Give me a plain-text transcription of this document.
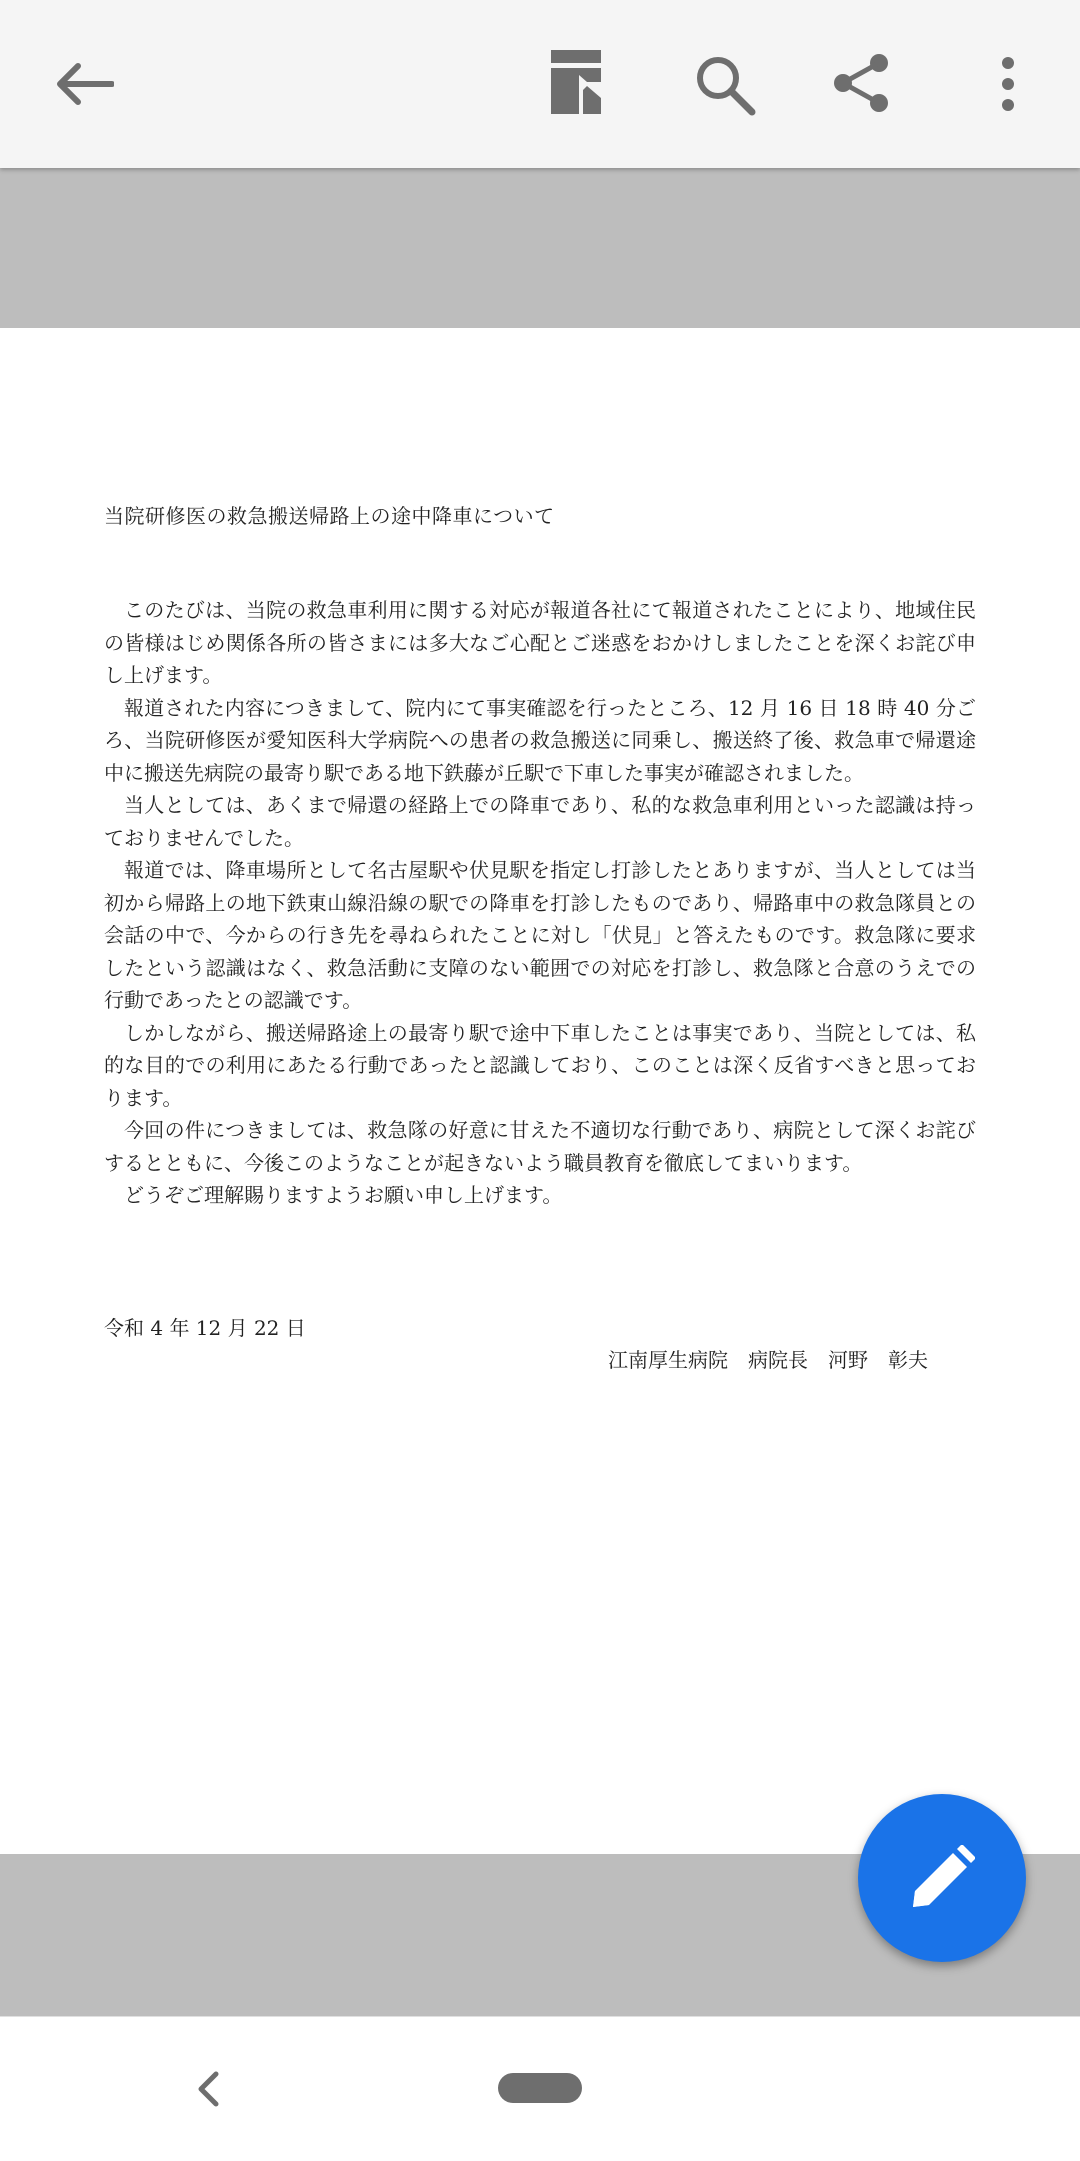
当院研修医の救急搬送帰路上の途中降車について

このたびは、当院の救急車利用に関する対応が報道各社にて報道されたことにより、地域住民の皆様はじめ関係各所の皆さまには多大なご心配とご迷惑をおかけしましたことを深くお詫び申し上げます。

報道された内容につきまして、院内にて事実確認を行ったところ、12 月 16 日 18 時 40 分ごろ、当院研修医が愛知医科大学病院への患者の救急搬送に同乗し、搬送終了後、救急車で帰還途中に搬送先病院の最寄り駅である地下鉄藤が丘駅で下車した事実が確認されました。

当人としては、あくまで帰還の経路上での降車であり、私的な救急車利用といった認識は持っておりませんでした。

報道では、降車場所として名古屋駅や伏見駅を指定し打診したとありますが、当人としては当初から帰路上の地下鉄東山線沿線の駅での降車を打診したものであり、帰路車中の救急隊員との会話の中で、今からの行き先を尋ねられたことに対し「伏見」と答えたものです。救急隊に要求したという認識はなく、救急活動に支障のない範囲での対応を打診し、救急隊と合意のうえでの行動であったとの認識です。

しかしながら、搬送帰路途上の最寄り駅で途中下車したことは事実であり、当院としては、私的な目的での利用にあたる行動であったと認識しており、このことは深く反省すべきと思っております。

今回の件につきましては、救急隊の好意に甘えた不適切な行動であり、病院として深くお詫びするとともに、今後このようなことが起きないよう職員教育を徹底してまいります。

どうぞご理解賜りますようお願い申し上げます。

令和 4 年 12 月 22 日
江南厚生病院　病院長　河野　彰夫
